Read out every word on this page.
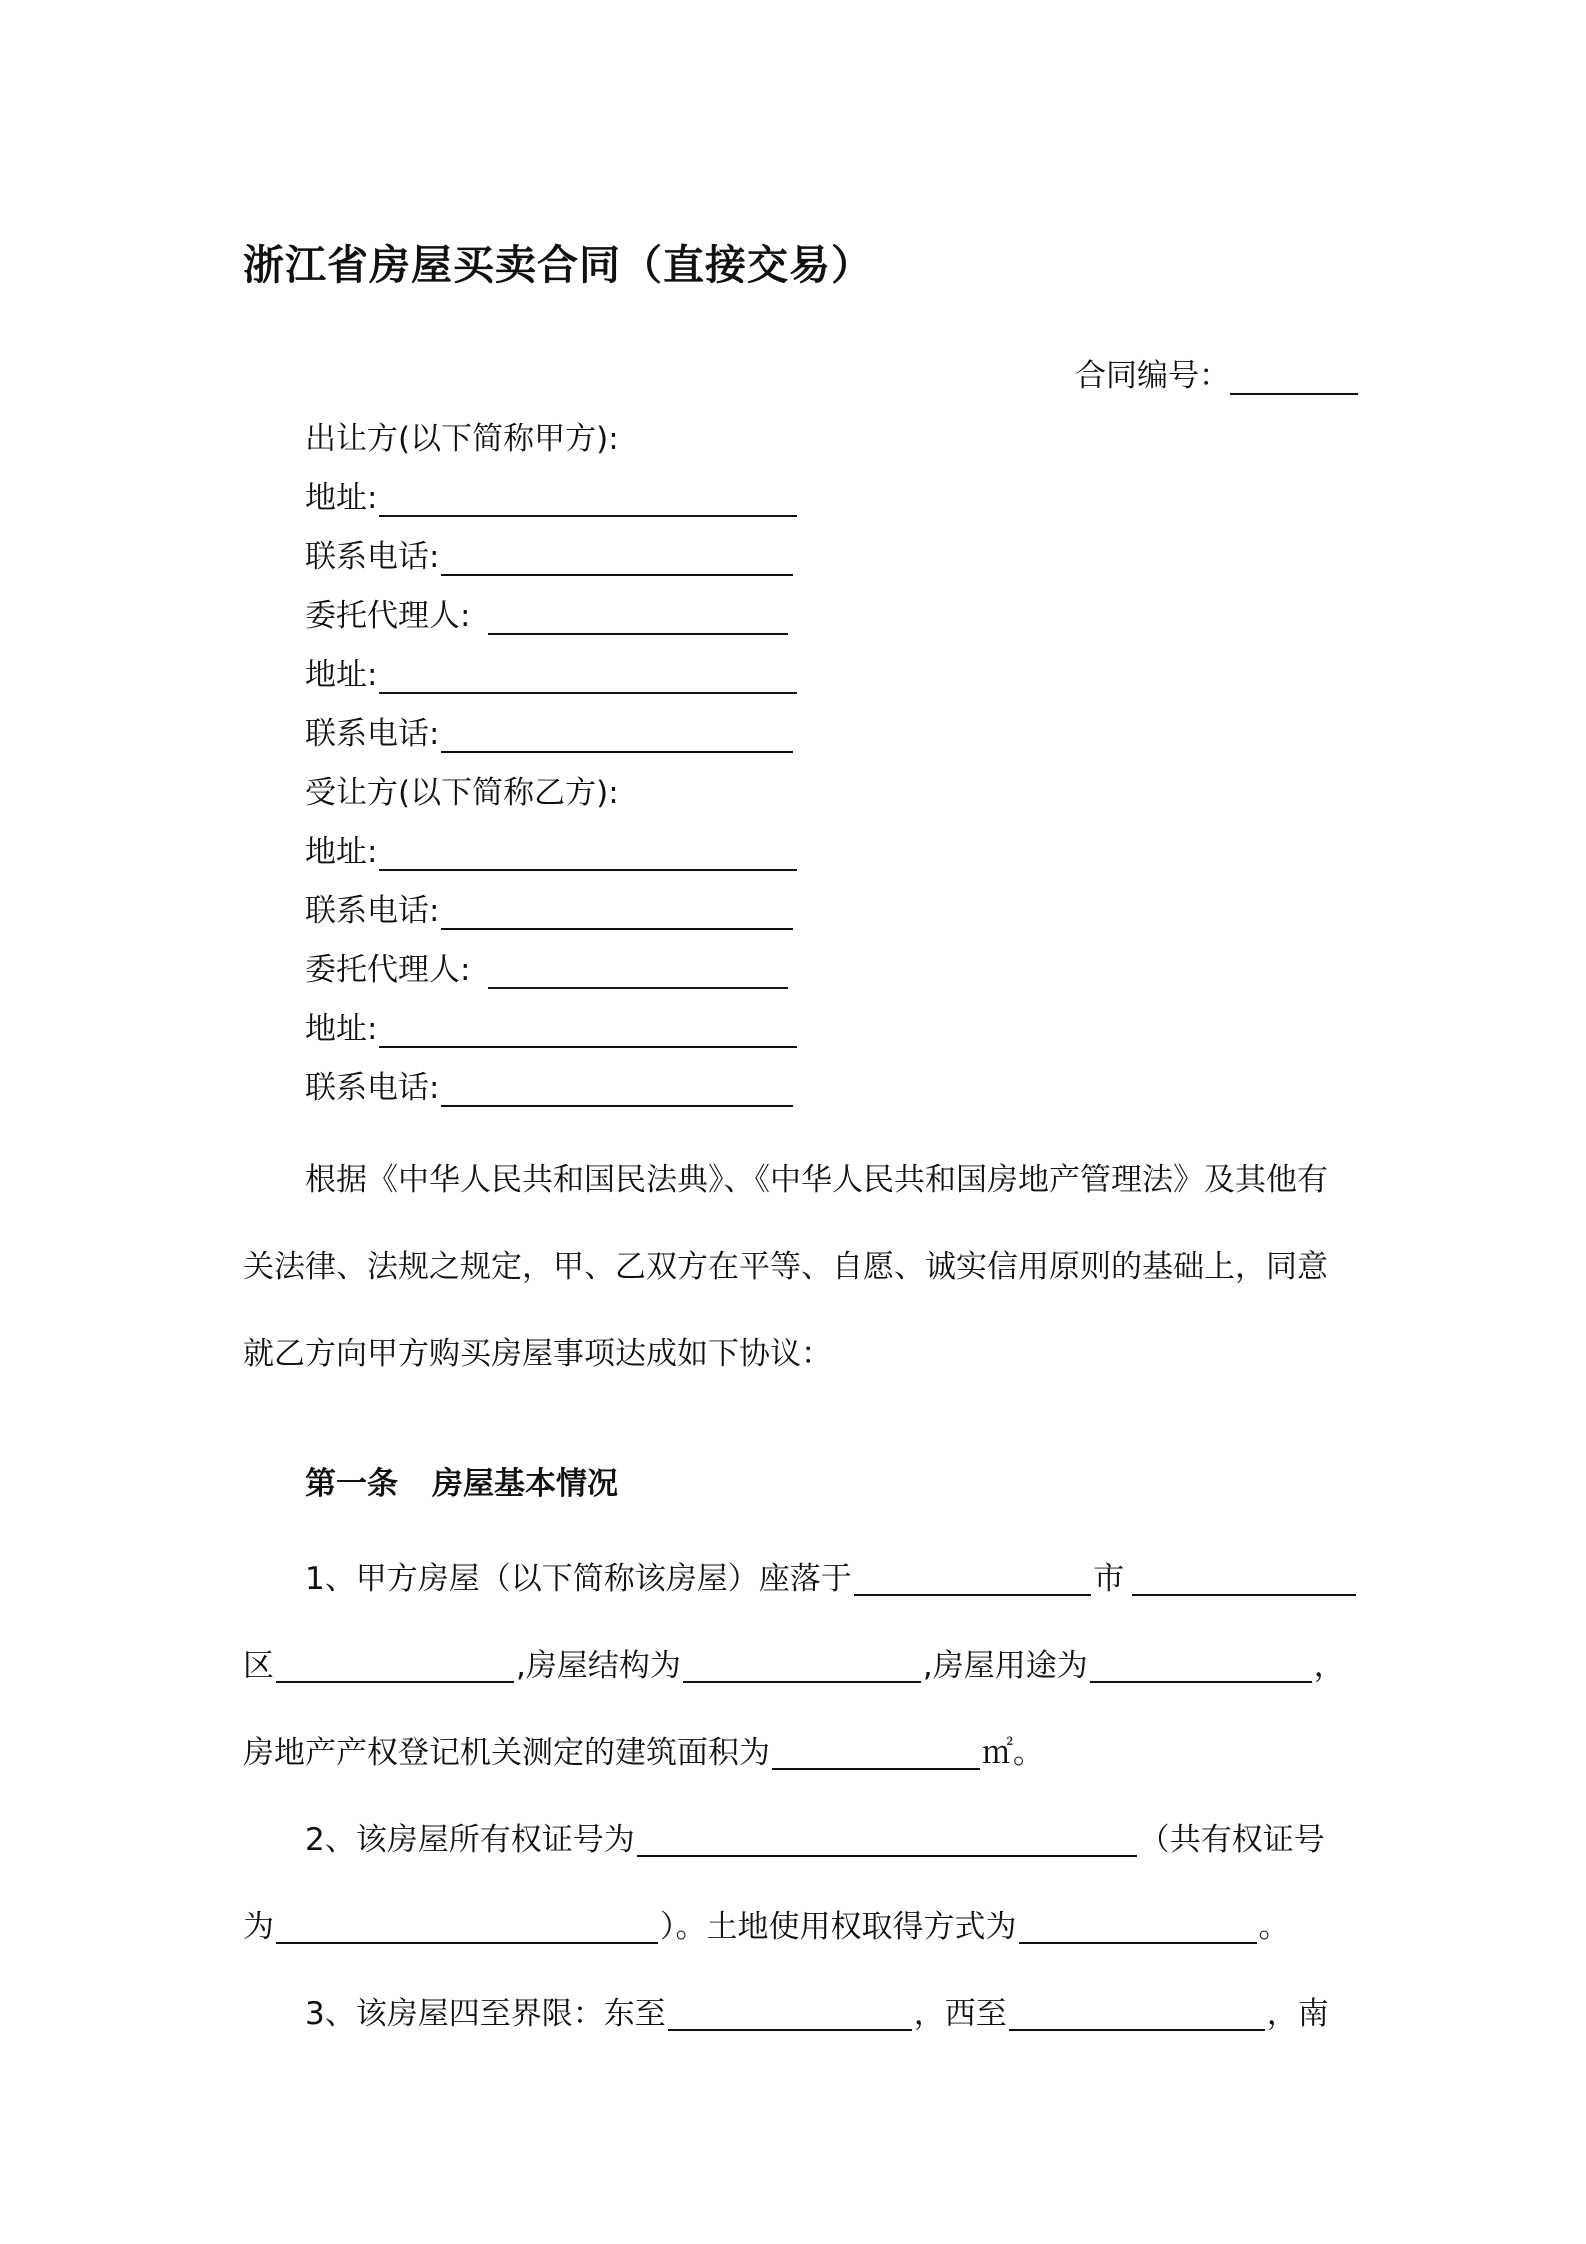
浙江省房屋买卖合同（直接交易）
合同编号：
出让方(以下简称甲方):
地址:
联系电话:
委托代理人:
地址:
联系电话:
受让方(以下简称乙方):
地址:
联系电话:
委托代理人:
地址:
联系电话:
根据《中华人民共和国民法典》、《中华人民共和国房地产管理法》及其他有
关法律、法规之规定，甲、乙双方在平等、自愿、诚实信用原则的基础上，同意
就乙方向甲方购买房屋事项达成如下协议：
第一条 房屋基本情况
1、甲方房屋（以下简称该房屋）座落于	市
区	,房屋结构为	,房屋用途为	，
房地产产权登记机关测定的建筑面积为	㎡ 。
2、该房屋所有权证号为	（共有权证号
为	）。土地使用权取得方式为	。
3、该房屋四至界限：东至	，西至	，南
